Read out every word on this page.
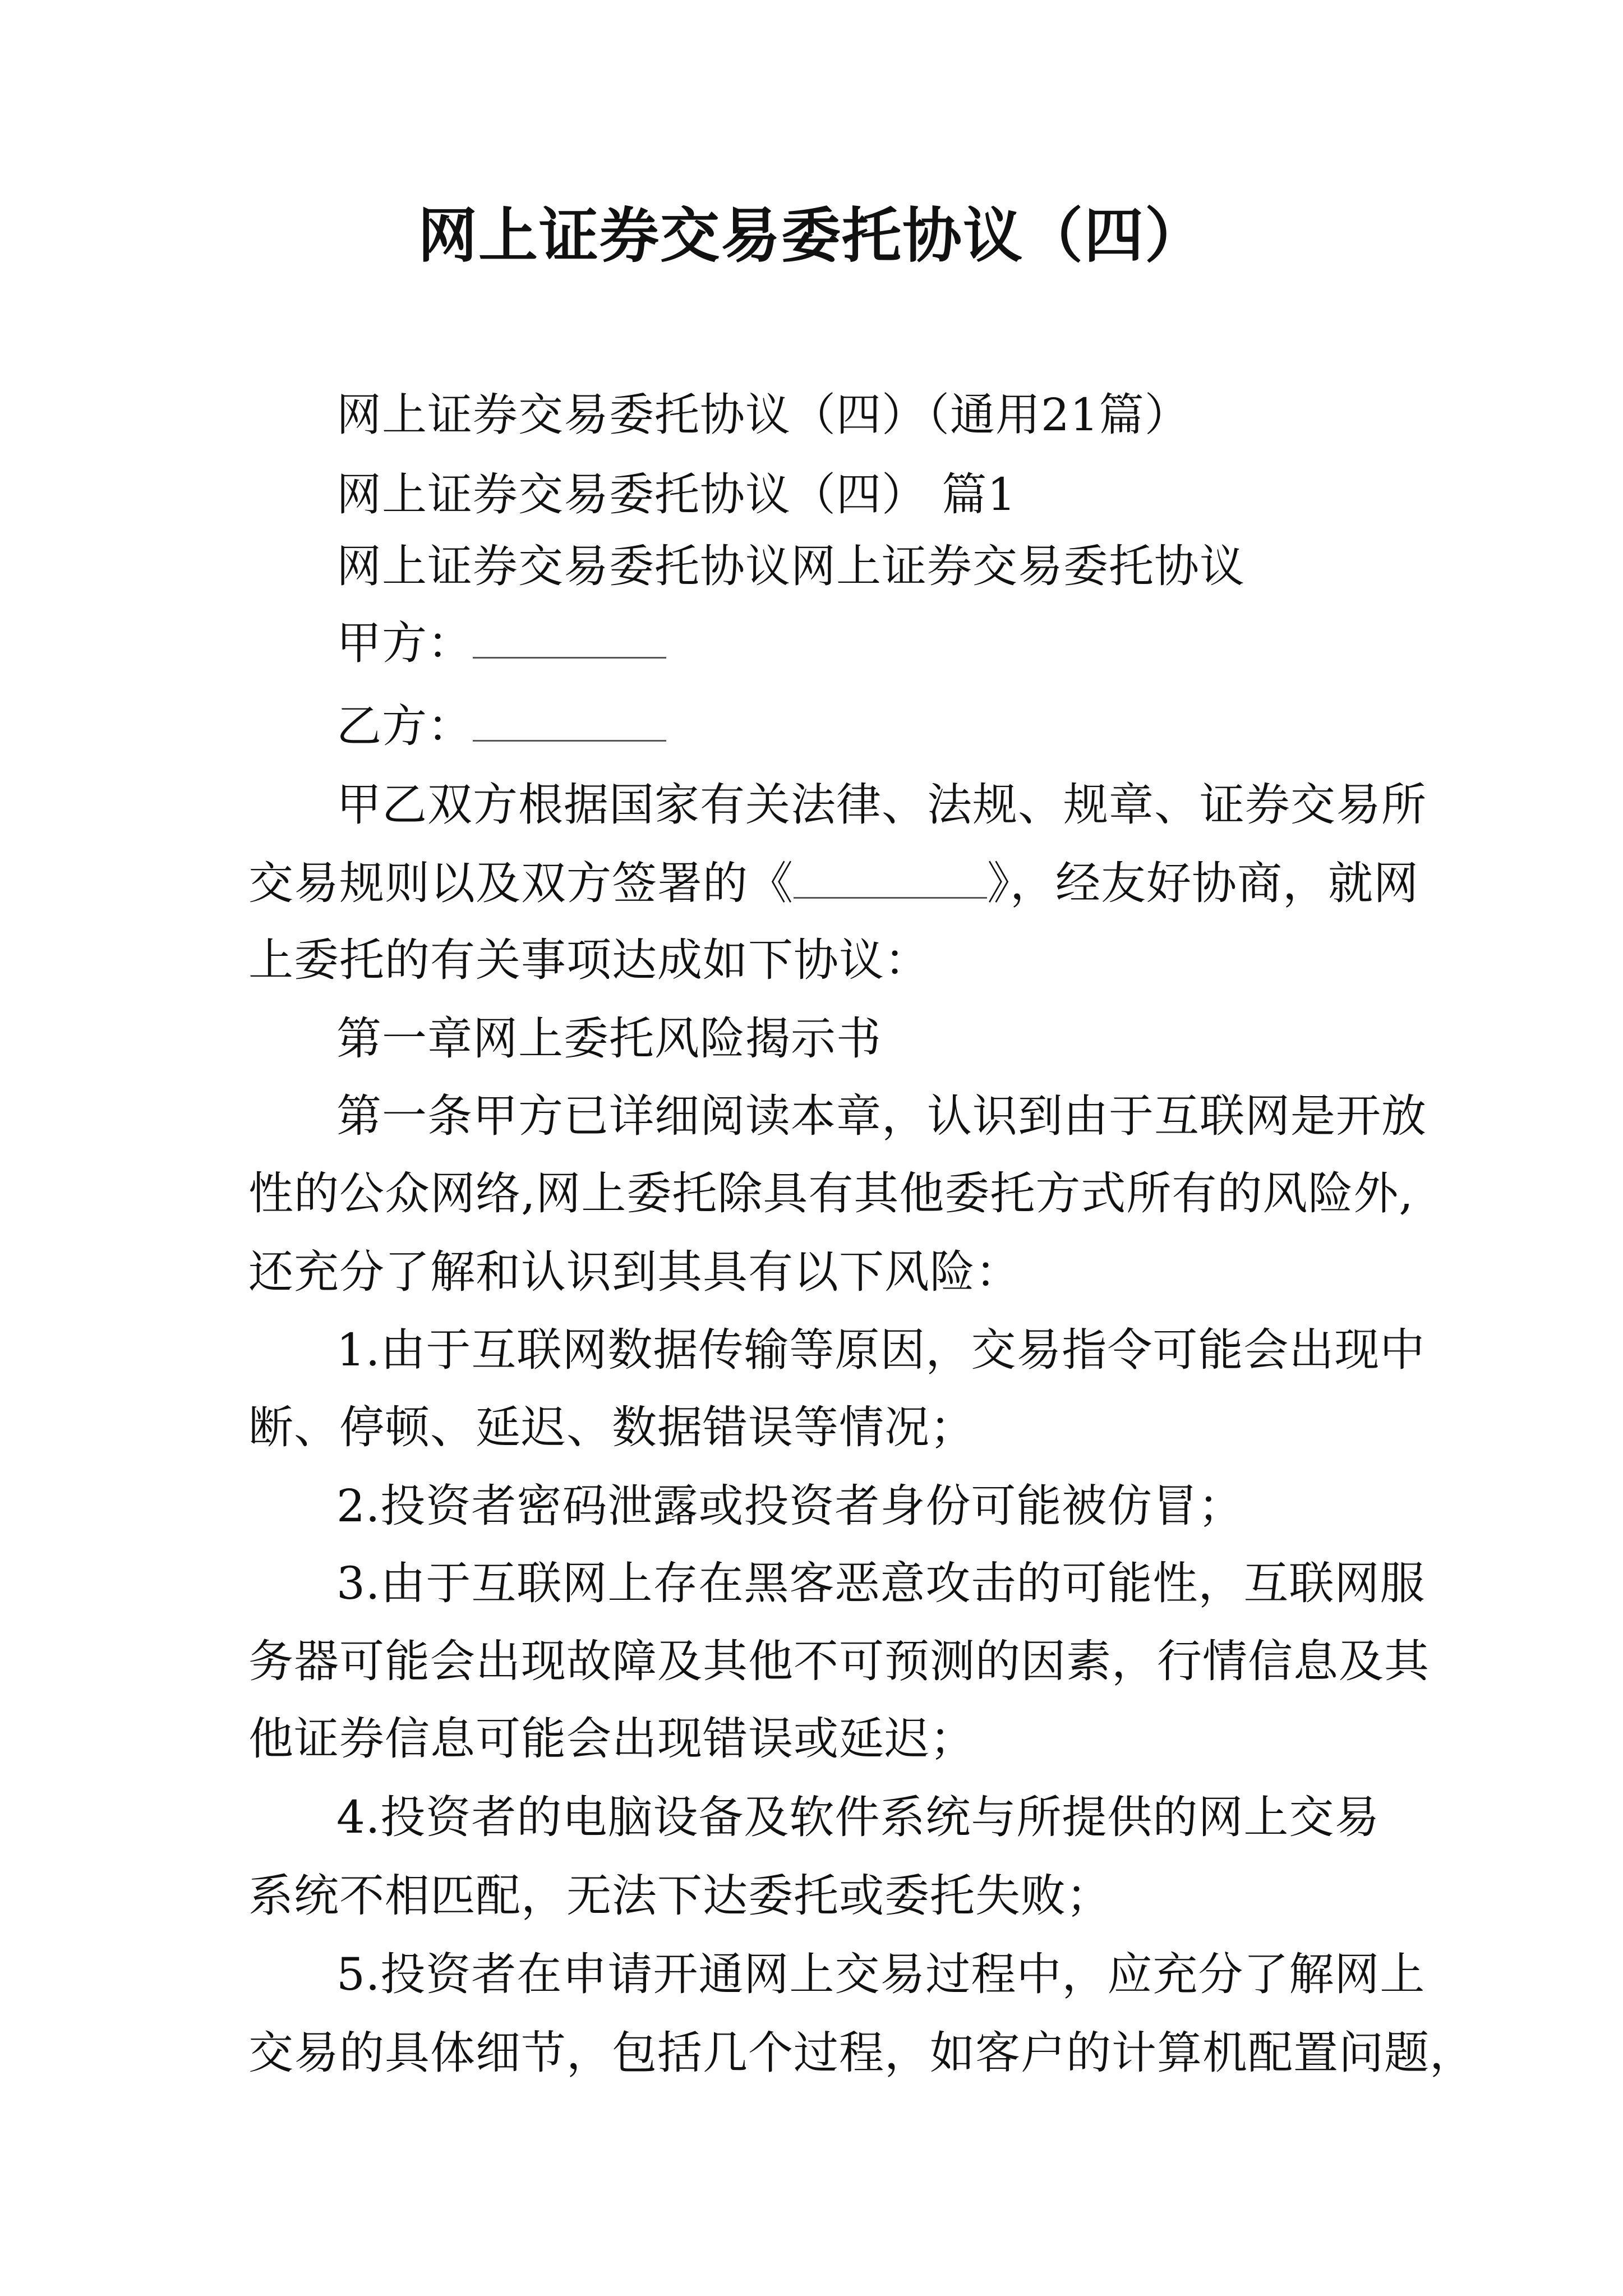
网上证券交易委托协议（四）
网上证券交易委托协议（四）（通用21篇）
网上证券交易委托协议（四） 篇1
网上证券交易委托协议网上证券交易委托协议
甲方：
乙方：
甲乙双方根据国家有关法律、法规、规章、证券交易所
交易规则以及双方签署的《	》，经友好协商，就网
上委托的有关事项达成如下协议：
第一章网上委托风险揭示书
第一条甲方已详细阅读本章，认识到由于互联网是开放
性的公众网络,网上委托除具有其他委托方式所有的风险外,
还充分了解和认识到其具有以下风险：
1.由于互联网数据传输等原因，交易指令可能会出现中
断、停顿、延迟、数据错误等情况；
2.投资者密码泄露或投资者身份可能被仿冒；
3.由于互联网上存在黑客恶意攻击的可能性，互联网服
务器可能会出现故障及其他不可预测的因素，行情信息及其
他证券信息可能会出现错误或延迟；
4.投资者的电脑设备及软件系统与所提供的网上交易
系统不相匹配，无法下达委托或委托失败；
5.投资者在申请开通网上交易过程中，应充分了解网上
交易的具体细节，包括几个过程，如客户的计算机配置问题，
